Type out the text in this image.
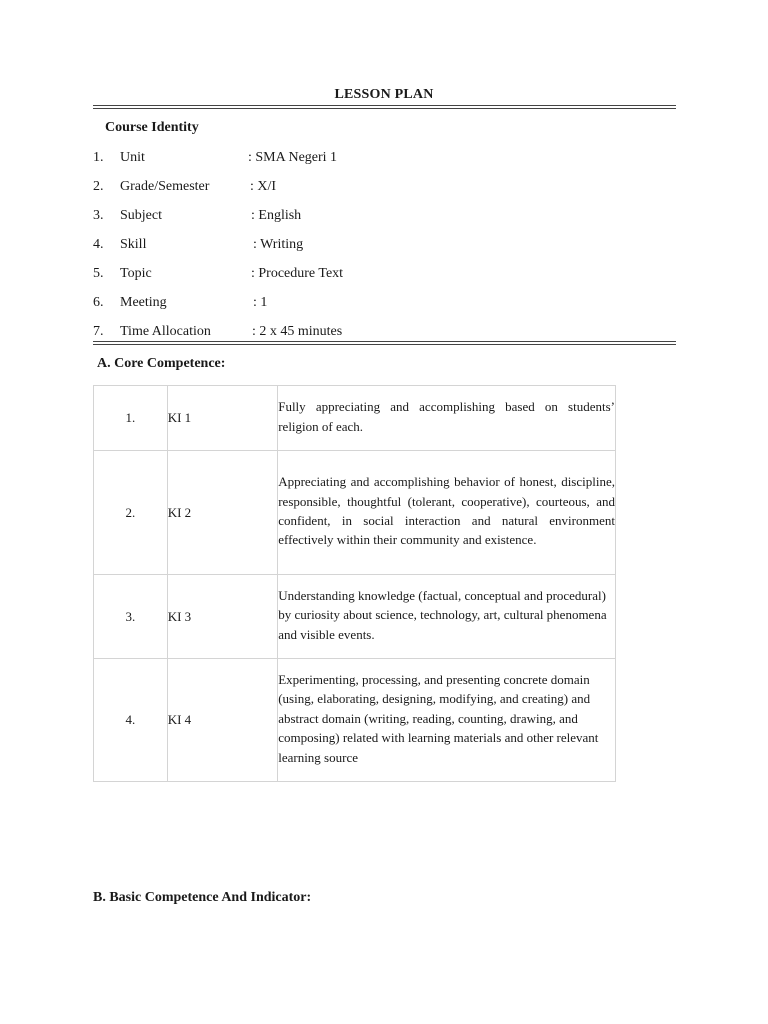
LESSON PLAN
Course Identity
1.	Unit	: SMA Negeri 1
2.	Grade/Semester	: X/I
3.	Subject	: English
4.	Skill	: Writing
5.	Topic	: Procedure Text
6.	Meeting	: 1
7.	Time Allocation	: 2 x 45 minutes
A. Core Competence:
1.	KI 1	Fully appreciating and accomplishing based on students’ religion of each.
2.	KI 2	Appreciating and accomplishing behavior of honest, discipline, responsible, thoughtful (tolerant, cooperative), courteous, and confident, in social interaction and natural environment effectively within their community and existence.
3.	KI 3	Understanding knowledge (factual, conceptual and procedural) by curiosity about science, technology, art, cultural phenomena and visible events.
4.	KI 4	Experimenting, processing, and presenting concrete domain (using, elaborating, designing, modifying, and creating) and abstract domain (writing, reading, counting, drawing, and composing) related with learning materials and other relevant learning source
B. Basic Competence And Indicator:
